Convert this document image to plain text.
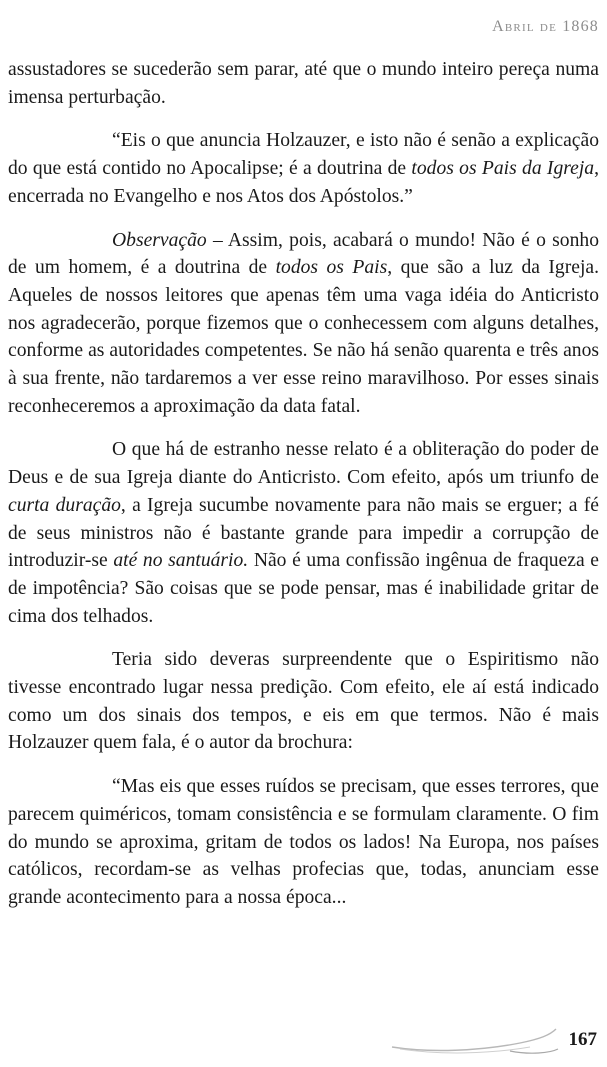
Abril de 1868

assustadores se sucederão sem parar, até que o mundo inteiro pereça numa imensa perturbação.

“Eis o que anuncia Holzauzer, e isto não é senão a explicação do que está contido no Apocalipse; é a doutrina de todos os Pais da Igreja, encerrada no Evangelho e nos Atos dos Apóstolos.”

Observação – Assim, pois, acabará o mundo! Não é o sonho de um homem, é a doutrina de todos os Pais, que são a luz da Igreja. Aqueles de nossos leitores que apenas têm uma vaga idéia do Anticristo nos agradecerão, porque fizemos que o conhecessem com alguns detalhes, conforme as autoridades competentes. Se não há senão quarenta e três anos à sua frente, não tardaremos a ver esse reino maravilhoso. Por esses sinais reconheceremos a aproximação da data fatal.

O que há de estranho nesse relato é a obliteração do poder de Deus e de sua Igreja diante do Anticristo. Com efeito, após um triunfo de curta duração, a Igreja sucumbe novamente para não mais se erguer; a fé de seus ministros não é bastante grande para impedir a corrupção de introduzir-se até no santuário. Não é uma confissão ingênua de fraqueza e de impotência? São coisas que se pode pensar, mas é inabilidade gritar de cima dos telhados.

Teria sido deveras surpreendente que o Espiritismo não tivesse encontrado lugar nessa predição. Com efeito, ele aí está indicado como um dos sinais dos tempos, e eis em que termos. Não é mais Holzauzer quem fala, é o autor da brochura:

“Mas eis que esses ruídos se precisam, que esses terrores, que parecem quiméricos, tomam consistência e se formulam claramente. O fim do mundo se aproxima, gritam de todos os lados! Na Europa, nos países católicos, recordam-se as velhas profecias que, todas, anunciam esse grande acontecimento para a nossa época...

167
